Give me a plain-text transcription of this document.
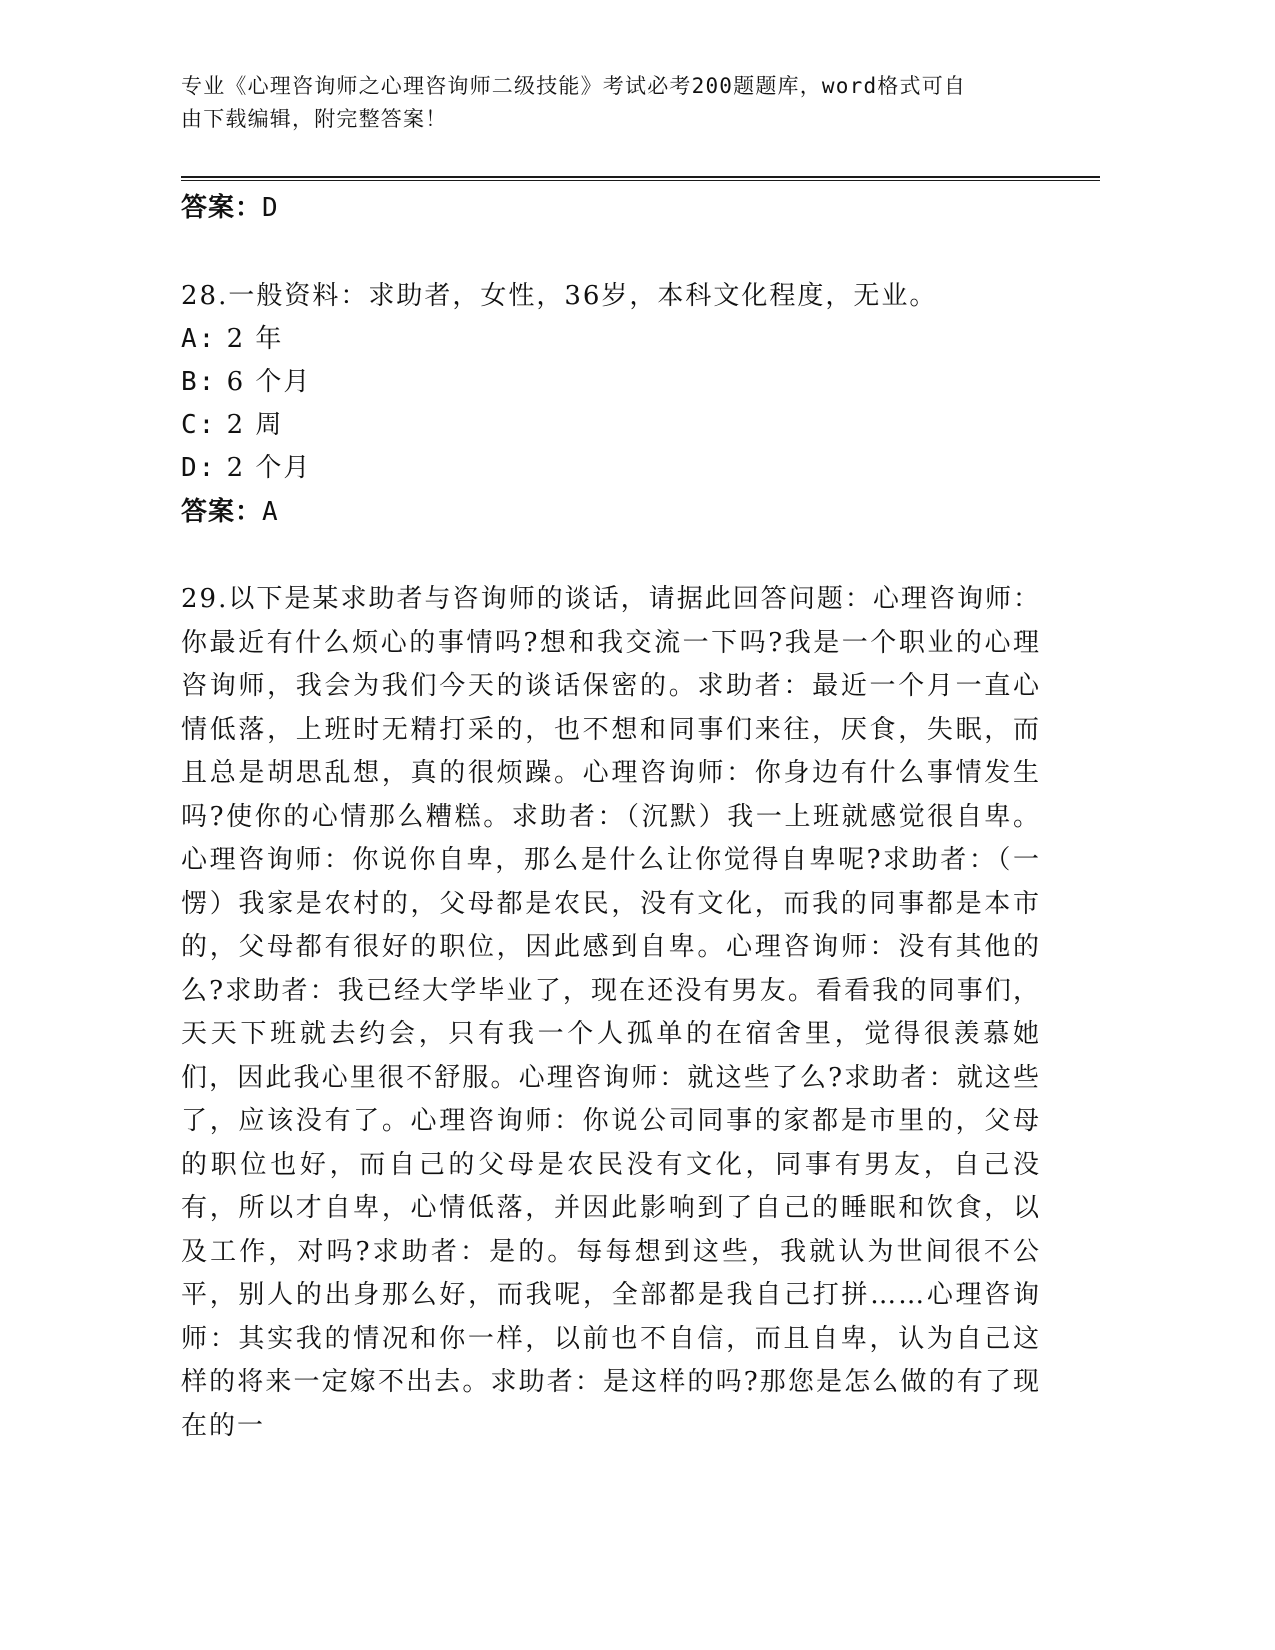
专业《心理咨询师之心理咨询师二级技能》考试必考200题题库，word格式可自
由下载编辑，附完整答案！

答案：D

28.一般资料：求助者，女性，36岁，本科文化程度，无业。

A: 2 年

B: 6 个月

C: 2 周

D: 2 个月

答案：A

29.以下是某求助者与咨询师的谈话，请据此回答问题：心理咨询师：你最近有什么烦心的事情吗?想和我交流一下吗?我是一个职业的心理咨询师，我会为我们今天的谈话保密的。求助者：最近一个月一直心情低落，上班时无精打采的，也不想和同事们来往，厌食，失眠，而且总是胡思乱想，真的很烦躁。心理咨询师：你身边有什么事情发生吗?使你的心情那么糟糕。求助者：（沉默）我一上班就感觉很自卑。心理咨询师：你说你自卑，那么是什么让你觉得自卑呢?求助者：（一愣）我家是农村的，父母都是农民，没有文化，而我的同事都是本市的，父母都有很好的职位，因此感到自卑。心理咨询师：没有其他的么?求助者：我已经大学毕业了，现在还没有男友。看看我的同事们，天天下班就去约会，只有我一个人孤单的在宿舍里，觉得很羡慕她们，因此我心里很不舒服。心理咨询师：就这些了么?求助者：就这些了，应该没有了。心理咨询师：你说公司同事的家都是市里的，父母的职位也好，而自己的父母是农民没有文化，同事有男友，自己没有，所以才自卑，心情低落，并因此影响到了自己的睡眠和饮食，以及工作，对吗?求助者：是的。每每想到这些，我就认为世间很不公平，别人的出身那么好，而我呢，全部都是我自己打拼……心理咨询师：其实我的情况和你一样，以前也不自信，而且自卑，认为自己这样的将来一定嫁不出去。求助者：是这样的吗?那您是怎么做的有了现在的一
